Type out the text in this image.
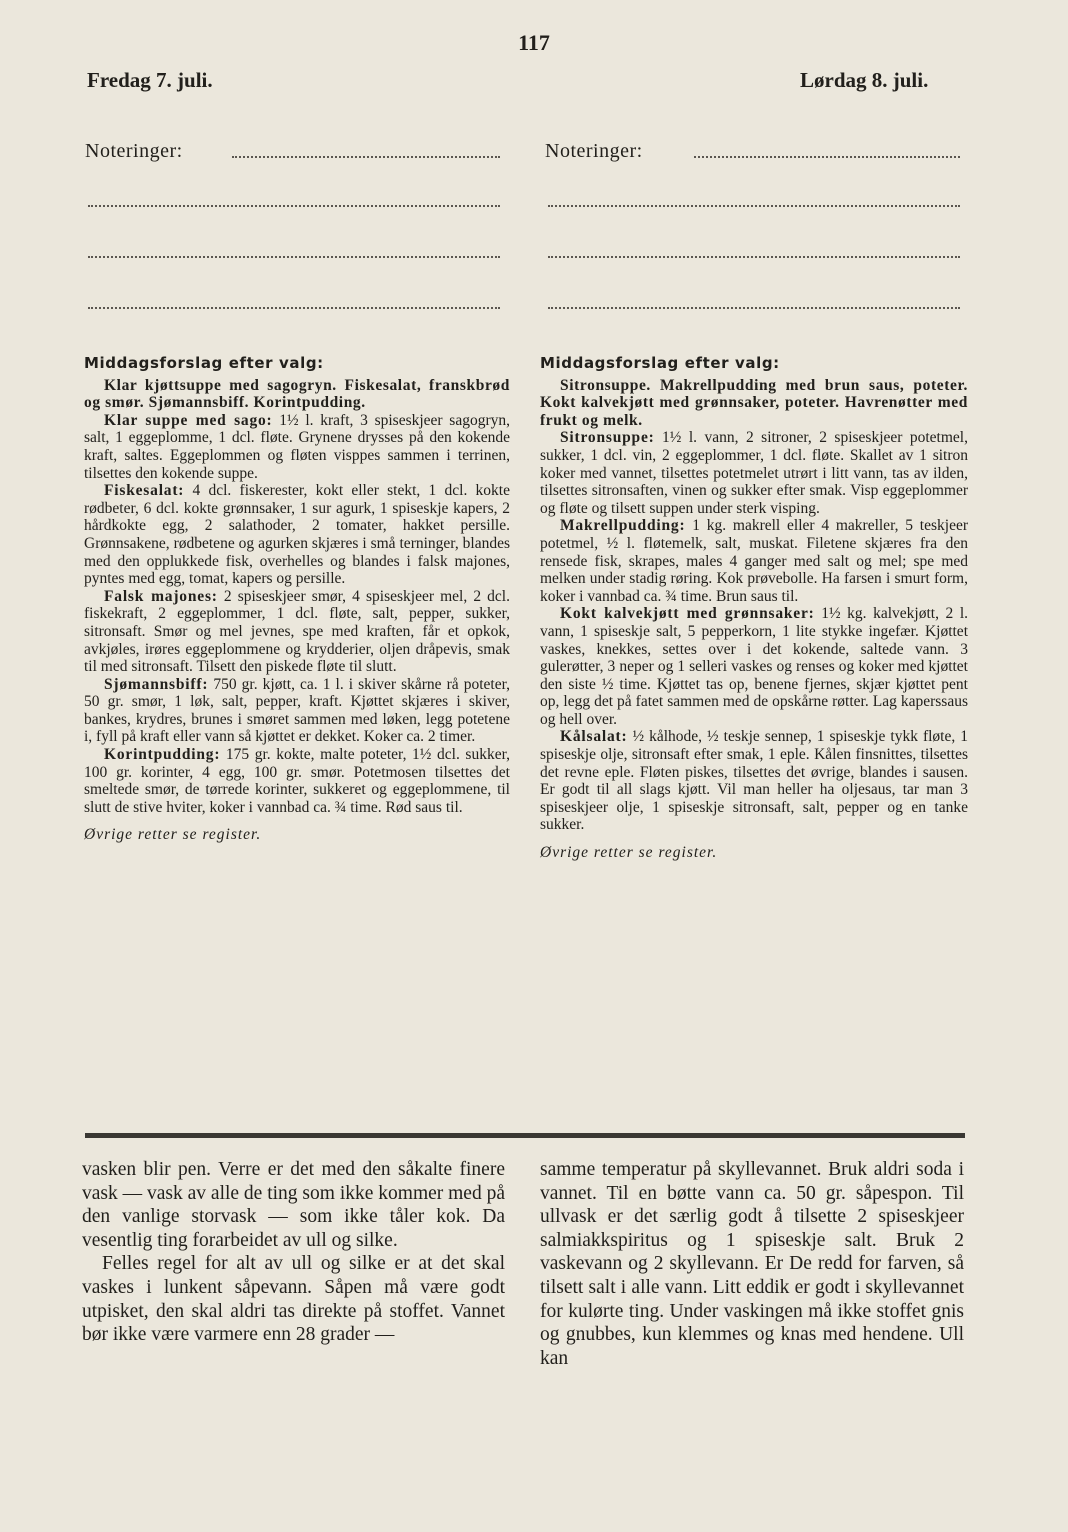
117
Fredag 7. juli.	Lørdag 8. juli.
Noteringer:	Noteringer:

Middagsforslag efter valg:

Klar kjøttsuppe med sagogryn. Fiskesalat, franskbrød og smør. Sjømannsbiff. Korintpudding.

Klar suppe med sago: 1½ l. kraft, 3 spiseskjeer sagogryn, salt, 1 eggeplomme, 1 dcl. fløte. Grynene drysses på den kokende kraft, saltes. Eggeplommen og fløten visppes sammen i terrinen, tilsettes den kokende suppe.

Fiskesalat: 4 dcl. fiskerester, kokt eller stekt, 1 dcl. kokte rødbeter, 6 dcl. kokte grønnsaker, 1 sur agurk, 1 spiseskje kapers, 2 hårdkokte egg, 2 salathoder, 2 tomater, hakket persille. Grønnsakene, rødbetene og agurken skjæres i små terninger, blandes med den opplukkede fisk, overhelles og blandes i falsk majones, pyntes med egg, tomat, kapers og persille.

Falsk majones: 2 spiseskjeer smør, 4 spiseskjeer mel, 2 dcl. fiskekraft, 2 eggeplommer, 1 dcl. fløte, salt, pepper, sukker, sitronsaft. Smør og mel jevnes, spe med kraften, får et opkok, avkjøles, irøres eggeplommene og krydderier, oljen dråpevis, smak til med sitronsaft. Tilsett den piskede fløte til slutt.

Sjømannsbiff: 750 gr. kjøtt, ca. 1 l. i skiver skårne rå poteter, 50 gr. smør, 1 løk, salt, pepper, kraft. Kjøttet skjæres i skiver, bankes, krydres, brunes i smøret sammen med løken, legg potetene i, fyll på kraft eller vann så kjøttet er dekket. Koker ca. 2 timer.

Korintpudding: 175 gr. kokte, malte poteter, 1½ dcl. sukker, 100 gr. korinter, 4 egg, 100 gr. smør. Potetmosen tilsettes det smeltede smør, de tørrede korinter, sukkeret og eggeplommene, til slutt de stive hviter, koker i vannbad ca. ¾ time. Rød saus til.

Øvrige retter se register.

Middagsforslag efter valg:

Sitronsuppe. Makrellpudding med brun saus, poteter. Kokt kalvekjøtt med grønnsaker, poteter. Havrenøtter med frukt og melk.

Sitronsuppe: 1½ l. vann, 2 sitroner, 2 spiseskjeer potetmel, sukker, 1 dcl. vin, 2 eggeplommer, 1 dcl. fløte. Skallet av 1 sitron koker med vannet, tilsettes potetmelet utrørt i litt vann, tas av ilden, tilsettes sitronsaften, vinen og sukker efter smak. Visp eggeplommer og fløte og tilsett suppen under sterk visping.

Makrellpudding: 1 kg. makrell eller 4 makreller, 5 teskjeer potetmel, ½ l. fløtemelk, salt, muskat. Filetene skjæres fra den rensede fisk, skrapes, males 4 ganger med salt og mel; spe med melken under stadig røring. Kok prøvebolle. Ha farsen i smurt form, koker i vannbad ca. ¾ time. Brun saus til.

Kokt kalvekjøtt med grønnsaker: 1½ kg. kalvekjøtt, 2 l. vann, 1 spiseskje salt, 5 pepperkorn, 1 lite stykke ingefær. Kjøttet vaskes, knekkes, settes over i det kokende, saltede vann. 3 gulerøtter, 3 neper og 1 selleri vaskes og renses og koker med kjøttet den siste ½ time. Kjøttet tas op, benene fjernes, skjær kjøttet pent op, legg det på fatet sammen med de opskårne røtter. Lag kaperssaus og hell over.

Kålsalat: ½ kålhode, ½ teskje sennep, 1 spiseskje tykk fløte, 1 spiseskje olje, sitronsaft efter smak, 1 eple. Kålen finsnittes, tilsettes det revne eple. Fløten piskes, tilsettes det øvrige, blandes i sausen. Er godt til all slags kjøtt. Vil man heller ha oljesaus, tar man 3 spiseskjeer olje, 1 spiseskje sitronsaft, salt, pepper og en tanke sukker.

Øvrige retter se register.

vasken blir pen. Verre er det med den såkalte finere vask — vask av alle de ting som ikke kommer med på den vanlige storvask — som ikke tåler kok. Da vesentlig ting forarbeidet av ull og silke.

Felles regel for alt av ull og silke er at det skal vaskes i lunkent såpevann. Såpen må være godt utpisket, den skal aldri tas direkte på stoffet. Vannet bør ikke være varmere enn 28 grader —

samme temperatur på skyllevannet. Bruk aldri soda i vannet. Til en bøtte vann ca. 50 gr. såpespon. Til ullvask er det særlig godt å tilsette 2 spiseskjeer salmiakkspiritus og 1 spiseskje salt. Bruk 2 vaskevann og 2 skyllevann. Er De redd for farven, så tilsett salt i alle vann. Litt eddik er godt i skyllevannet for kulørte ting. Under vaskingen må ikke stoffet gnis og gnubbes, kun klemmes og knas med hendene. Ull kan
